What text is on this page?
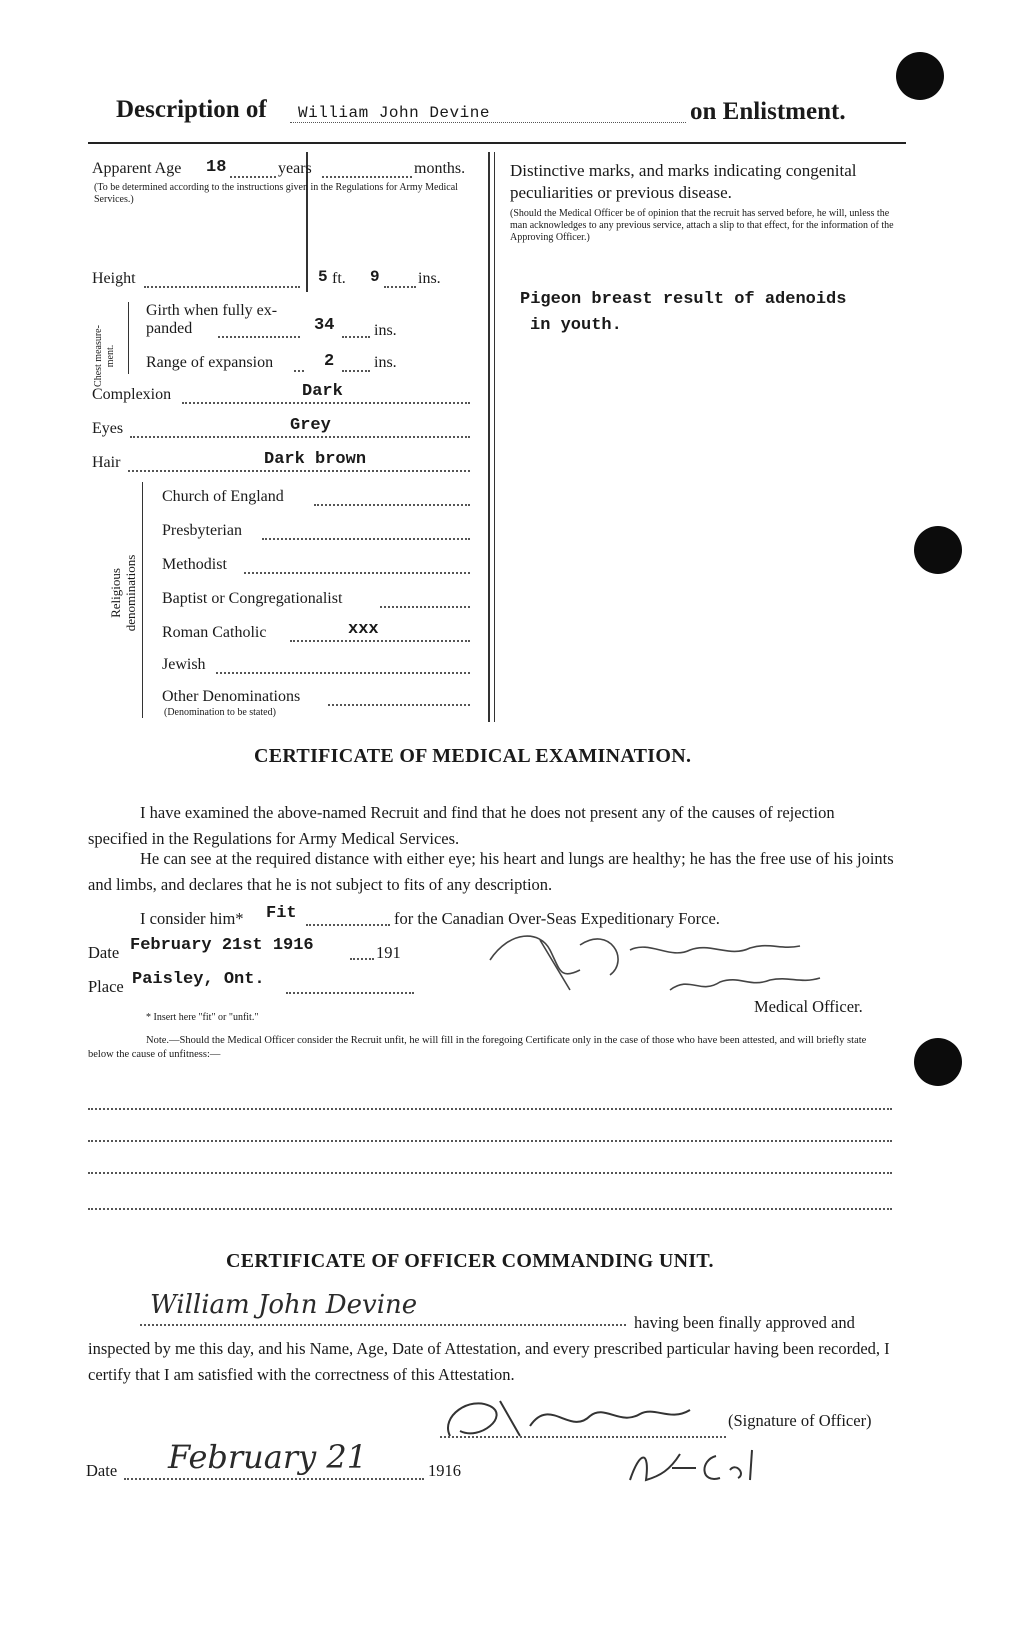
Description of William John Devine	on Enlistment.
Apparent Age 18	years	months.
(To be determined according to the instructions given in the Regulations for Army Medical Services.)
Height	5 ft. 9 ins.
Chest measure-ment.
Girth when fully ex-
panded	34 ins.
Range of expansion	2 ins.
Complexion	Dark
Eyes	Grey
Hair	Dark brown
Religious denominations
Church of England
Presbyterian
Methodist
Baptist or Congregationalist
Roman Catholic	xxx
Jewish
Other Denominations
(Denomination to be stated)
Distinctive marks, and marks indicating congenital peculiarities or previous disease.
(Should the Medical Officer be of opinion that the recruit has served before, he will, unless the man acknowledges to any previous service, attach a slip to that effect, for the information of the Approving Officer.)
Pigeon breast result of adenoids
in youth.
CERTIFICATE OF MEDICAL EXAMINATION.
I have examined the above-named Recruit and find that he does not present any of the causes of rejection specified in the Regulations for Army Medical Services.
He can see at the required distance with either eye; his heart and lungs are healthy; he has the free use of his joints and limbs, and declares that he is not subject to fits of any description.
I consider him* Fit	for the Canadian Over-Seas Expeditionary Force.
Date February 21st 1916	191
Place Paisley, Ont.
Medical Officer.
* Insert here "fit" or "unfit."
Note.—Should the Medical Officer consider the Recruit unfit, he will fill in the foregoing Certificate only in the case of those who have been attested, and will briefly state below the cause of unfitness:—
CERTIFICATE OF OFFICER COMMANDING UNIT.
William John Devine
having been finally approved and
inspected by me this day, and his Name, Age, Date of Attestation, and every prescribed particular having been recorded, I certify that I am satisfied with the correctness of this Attestation.
(Signature of Officer)
Date February 21	1916
